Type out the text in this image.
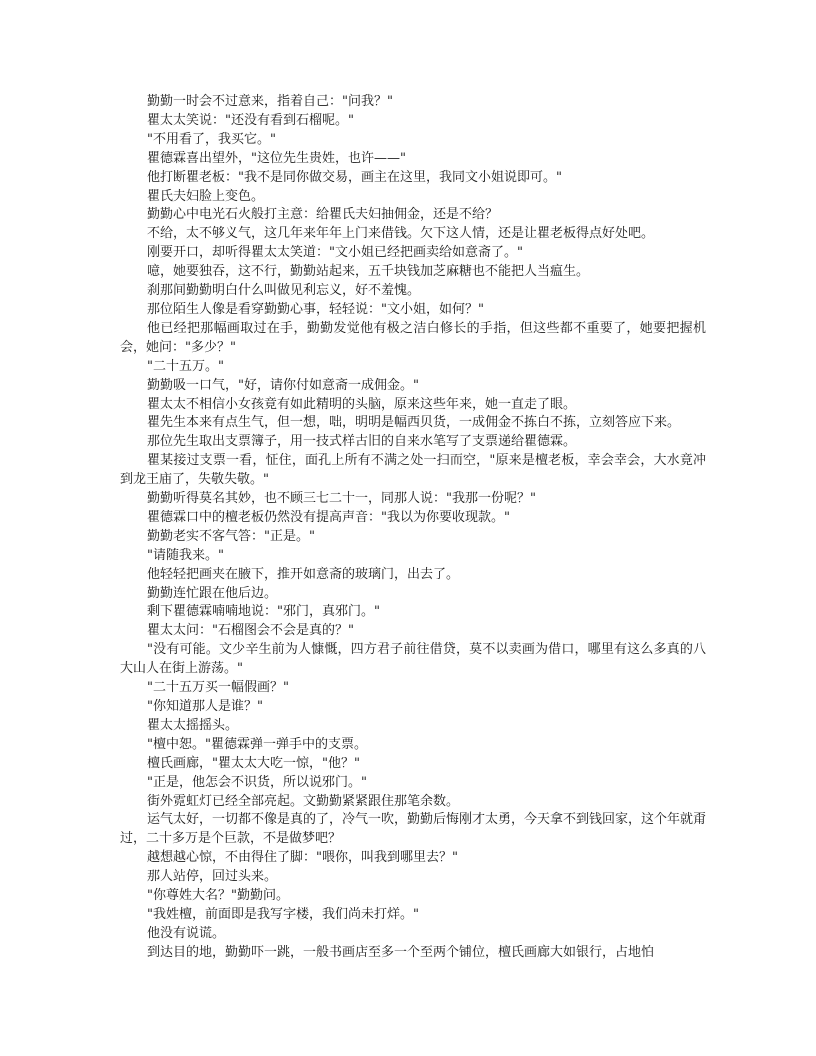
勤勤一时会不过意来，指着自己："问我？"

瞿太太笑说："还没有看到石榴呢。"

"不用看了，我买它。"

瞿德霖喜出望外，"这位先生贵姓，也许——"

他打断瞿老板："我不是同你做交易，画主在这里，我同文小姐说即可。"

瞿氏夫妇脸上变色。

勤勤心中电光石火般打主意：给瞿氏夫妇抽佣金，还是不给？

不给，太不够义气，这几年来年年上门来借钱。欠下这人情，还是让瞿老板得点好处吧。

刚要开口，却听得瞿太太笑道："文小姐已经把画卖给如意斋了。"

噫，她要独吞，这不行，勤勤站起来，五千块钱加芝麻糖也不能把人当瘟生。

刹那间勤勤明白什么叫做见利忘义，好不羞愧。

那位陌生人像是看穿勤勤心事，轻轻说："文小姐，如何？"

他已经把那幅画取过在手，勤勤发觉他有极之洁白修长的手指，但这些都不重要了，她要把握机会，她问："多少？"

"二十五万。"

勤勤吸一口气，"好，请你付如意斋一成佣金。"

瞿太太不相信小女孩竟有如此精明的头脑，原来这些年来，她一直走了眼。

瞿先生本来有点生气，但一想，咄，明明是幅西贝货，一成佣金不拣白不拣，立刻答应下来。

那位先生取出支票簿子，用一技式样古旧的自来水笔写了支票递给瞿德霖。

瞿某接过支票一看，怔住，面孔上所有不满之处一扫而空，"原来是檀老板，幸会幸会，大水竟冲到龙王庙了，失敬失敬。"

勤勤听得莫名其妙，也不顾三七二十一，同那人说："我那一份呢？"

瞿德霖口中的檀老板仍然没有提高声音："我以为你要收现款。"

勤勤老实不客气答："正是。"

"请随我来。"

他轻轻把画夹在腋下，推开如意斋的玻璃门，出去了。

勤勤连忙跟在他后边。

剩下瞿德霖喃喃地说："邪门，真邪门。"

瞿太太问："石榴图会不会是真的？"

"没有可能。文少辛生前为人慷慨，四方君子前往借贷，莫不以卖画为借口，哪里有这么多真的八大山人在街上游荡。"

"二十五万买一幅假画？"

"你知道那人是谁？"

瞿太太摇摇头。

"檀中恕。"瞿德霖弹一弹手中的支票。

檀氏画廊，"瞿太太大吃一惊，"他？"

"正是，他怎会不识货，所以说邪门。"

街外霓虹灯已经全部亮起。文勤勤紧紧跟住那笔余数。

运气太好，一切都不像是真的了，冷气一吹，勤勤后悔刚才太勇，今天拿不到钱回家，这个年就甭过，二十多万是个巨款，不是做梦吧？

越想越心惊，不由得住了脚："喂你，叫我到哪里去？"

那人站停，回过头来。

"你尊姓大名？"勤勤问。

"我姓檀，前面即是我写字楼，我们尚未打烊。"

他没有说谎。

到达目的地，勤勤吓一跳，一般书画店至多一个至两个铺位，檀氏画廊大如银行，占地怕
